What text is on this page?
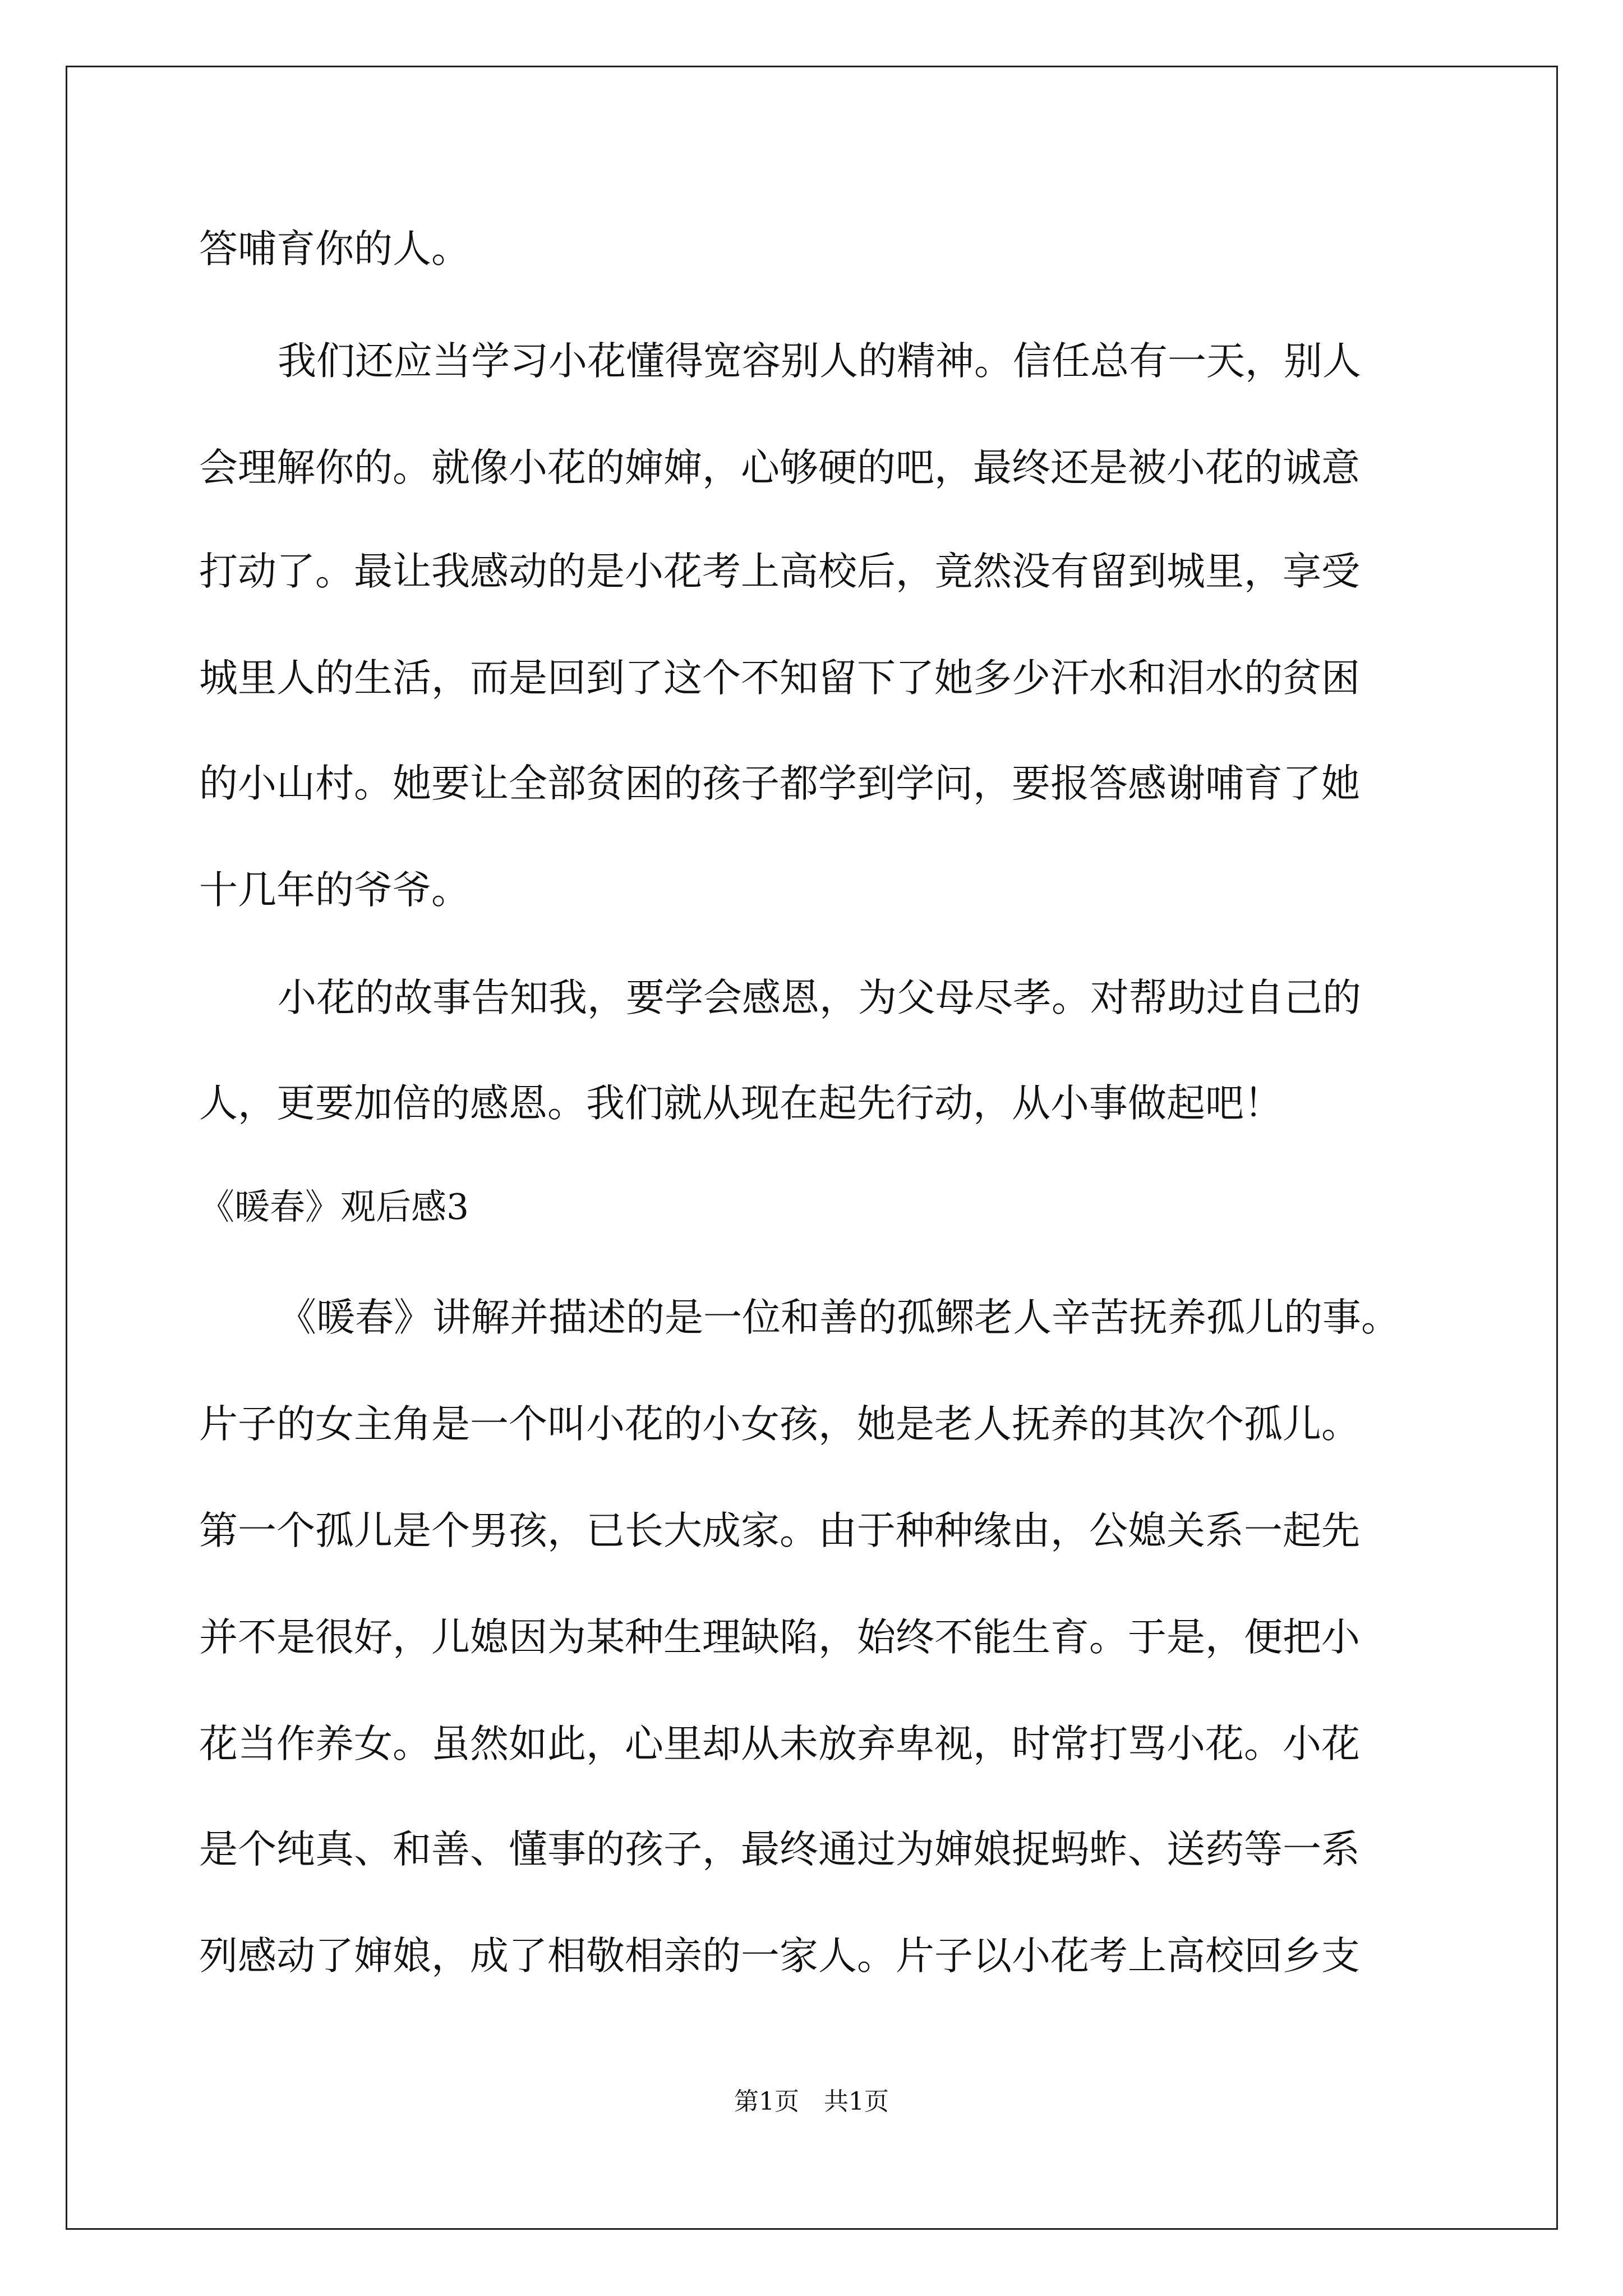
答哺育你的人。

我们还应当学习小花懂得宽容别人的精神。信任总有一天，别人

会理解你的。就像小花的婶婶，心够硬的吧，最终还是被小花的诚意

打动了。最让我感动的是小花考上高校后，竟然没有留到城里，享受

城里人的生活，而是回到了这个不知留下了她多少汗水和泪水的贫困

的小山村。她要让全部贫困的孩子都学到学问，要报答感谢哺育了她

十几年的爷爷。

小花的故事告知我，要学会感恩，为父母尽孝。对帮助过自己的

人，更要加倍的感恩。我们就从现在起先行动，从小事做起吧！

《暖春》观后感3

《暖春》讲解并描述的是一位和善的孤鳏老人辛苦抚养孤儿的事。

片子的女主角是一个叫小花的小女孩，她是老人抚养的其次个孤儿。

第一个孤儿是个男孩，已长大成家。由于种种缘由，公媳关系一起先

并不是很好，儿媳因为某种生理缺陷，始终不能生育。于是，便把小

花当作养女。虽然如此，心里却从未放弃卑视，时常打骂小花。小花

是个纯真、和善、懂事的孩子，最终通过为婶娘捉蚂蚱、送药等一系

列感动了婶娘，成了相敬相亲的一家人。片子以小花考上高校回乡支

第1页　共1页
